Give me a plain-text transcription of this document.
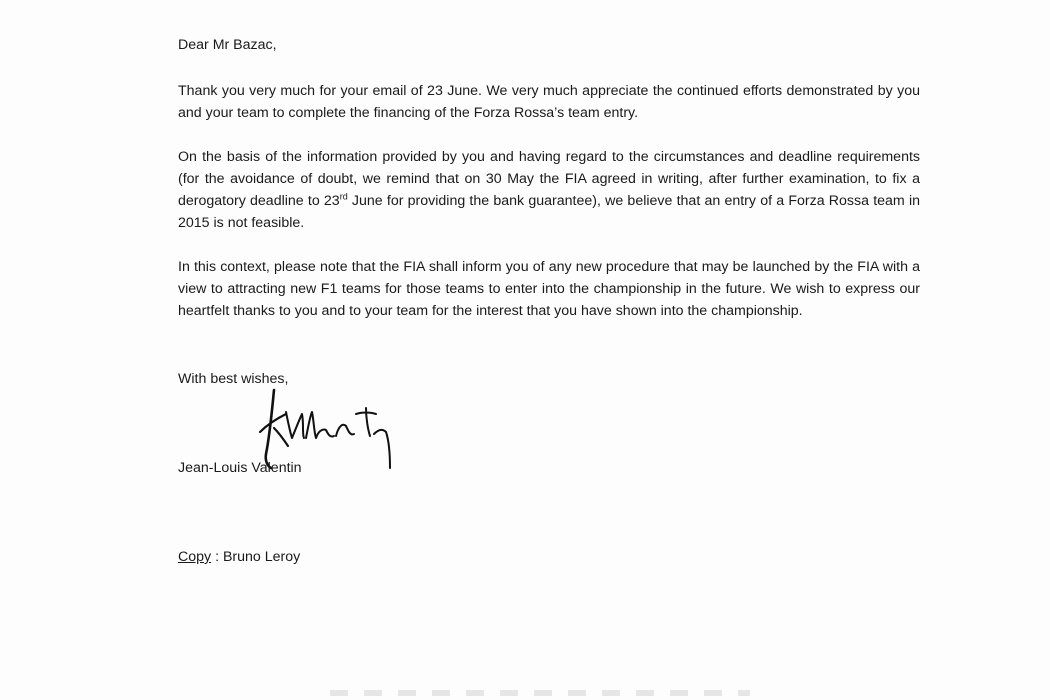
Dear Mr Bazac,

Thank you very much for your email of 23 June. We very much appreciate the continued efforts demonstrated by you and your team to complete the financing of the Forza Rossa’s team entry.

On the basis of the information provided by you and having regard to the circumstances and deadline requirements (for the avoidance of doubt, we remind that on 30 May the FIA agreed in writing, after further examination, to fix a derogatory deadline to 23rd June for providing the bank guarantee), we believe that an entry of a Forza Rossa team in 2015 is not feasible.

In this context, please note that the FIA shall inform you of any new procedure that may be launched by the FIA with a view to attracting new F1 teams for those teams to enter into the championship in the future. We wish to express our heartfelt thanks to you and to your team for the interest that you have shown into the championship.

With best wishes,

Jean-Louis Valentin

Copy : Bruno Leroy
